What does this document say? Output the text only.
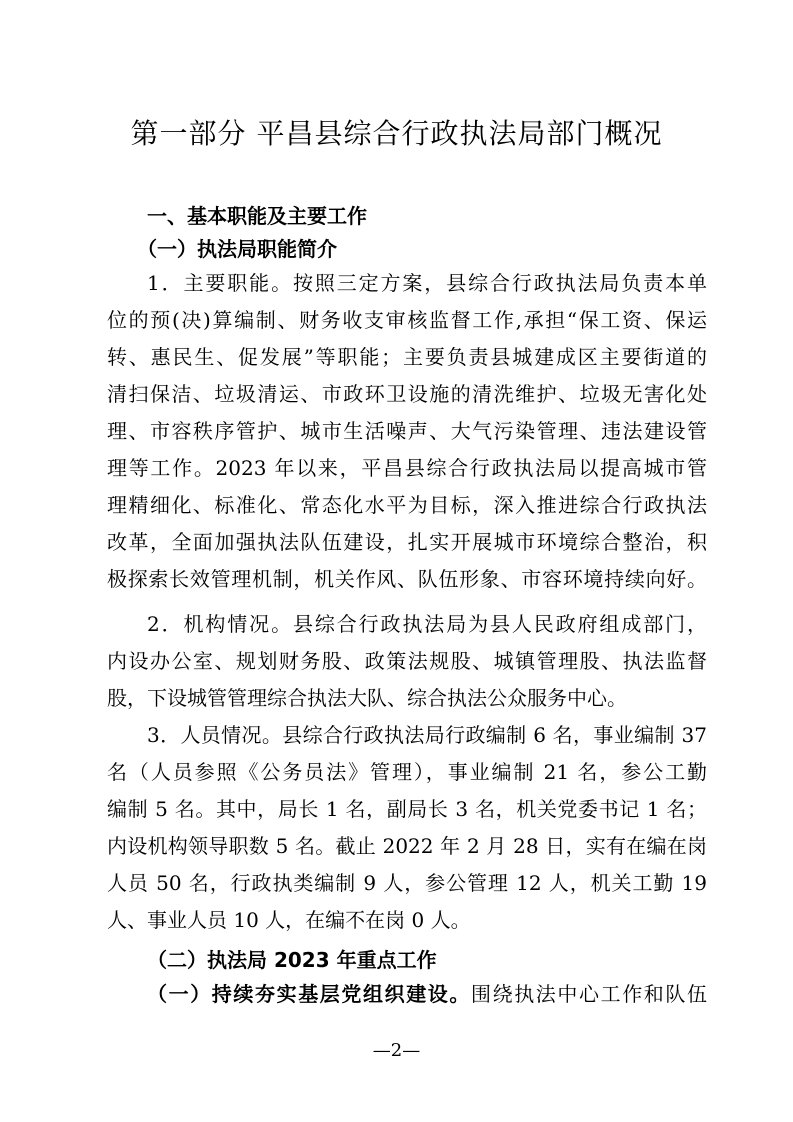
第一部分 平昌县综合行政执法局部门概况
一、基本职能及主要工作
（一）执法局职能简介
1．主要职能。按照三定方案，县综合行政执法局负责本单
位的预(决)算编制、财务收支审核监督工作,承担“保工资、保运
转、惠民生、促发展”等职能；主要负责县城建成区主要街道的
清扫保洁、垃圾清运、市政环卫设施的清洗维护、垃圾无害化处
理、市容秩序管护、城市生活噪声、大气污染管理、违法建设管
理等工作。2023 年以来，平昌县综合行政执法局以提高城市管
理精细化、标准化、常态化水平为目标，深入推进综合行政执法
改革，全面加强执法队伍建设，扎实开展城市环境综合整治，积
极探索长效管理机制，机关作风、队伍形象、市容环境持续向好。
2．机构情况。县综合行政执法局为县人民政府组成部门，
内设办公室、规划财务股、政策法规股、城镇管理股、执法监督
股，下设城管管理综合执法大队、综合执法公众服务中心。
3．人员情况。县综合行政执法局行政编制 6 名，事业编制 37
名（人员参照《公务员法》管理），事业编制 21 名，参公工勤
编制 5 名。其中，局长 1 名，副局长 3 名，机关党委书记 1 名；
内设机构领导职数 5 名。截止 2022 年 2 月 28 日，实有在编在岗
人员 50 名，行政执类编制 9 人，参公管理 12 人，机关工勤 19
人、事业人员 10 人，在编不在岗 0 人。
（二）执法局 2023 年重点工作
（一）持续夯实基层党组织建设。围绕执法中心工作和队伍
—2—
